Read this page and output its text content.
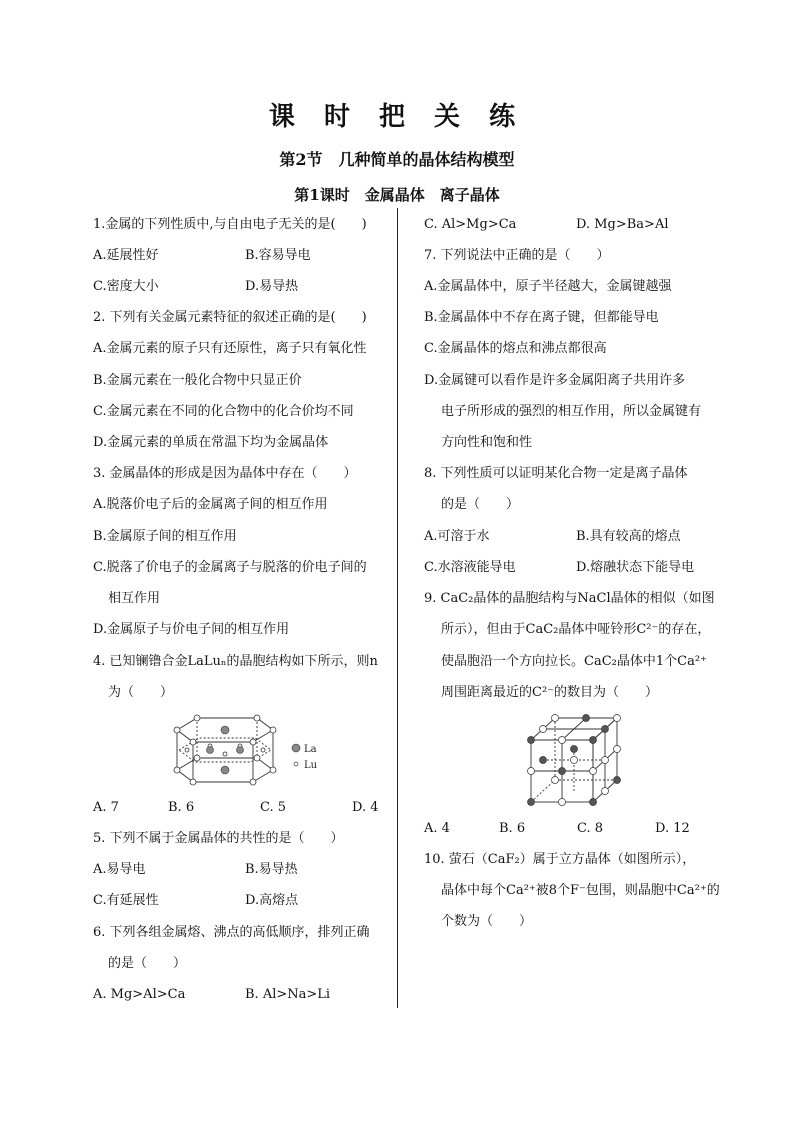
课 时 把 关 练
第2节　几种简单的晶体结构模型
第1课时　金属晶体　离子晶体
1.金属的下列性质中,与自由电子无关的是(　　)
A.延展性好	B.容易导电
C.密度大小	D.易导热
2. 下列有关金属元素特征的叙述正确的是(　　)
A.金属元素的原子只有还原性，离子只有氧化性
B.金属元素在一般化合物中只显正价
C.金属元素在不同的化合物中的化合价均不同
D.金属元素的单质在常温下均为金属晶体
3. 金属晶体的形成是因为晶体中存在（　　）
A.脱落价电子后的金属离子间的相互作用
B.金属原子间的相互作用
C.脱落了价电子的金属离子与脱落的价电子间的
相互作用
D.金属原子与价电子间的相互作用
4. 已知镧镥合金LaLuₙ的晶胞结构如下所示，则n
为（　　）
La
Lu
A. 7	B. 6	C. 5	D. 4
5. 下列不属于金属晶体的共性的是（　　）
A.易导电	B.易导热
C.有延展性	D.高熔点
6. 下列各组金属熔、沸点的高低顺序，排列正确
的是（　　）
A. Mg>Al>Ca	B. Al>Na>Li
C. Al>Mg>Ca	D. Mg>Ba>Al
7. 下列说法中正确的是（　　）
A.金属晶体中，原子半径越大，金属键越强
B.金属晶体中不存在离子键，但都能导电
C.金属晶体的熔点和沸点都很高
D.金属键可以看作是许多金属阳离子共用许多
电子所形成的强烈的相互作用，所以金属键有
方向性和饱和性
8. 下列性质可以证明某化合物一定是离子晶体
的是（　　）
A.可溶于水	B.具有较高的熔点
C.水溶液能导电	D.熔融状态下能导电
9. CaC₂晶体的晶胞结构与NaCl晶体的相似（如图
所示），但由于CaC₂晶体中哑铃形C²⁻的存在，
使晶胞沿一个方向拉长。CaC₂晶体中1个Ca²⁺
周围距离最近的C²⁻的数目为（　　）
A. 4	B. 6	C. 8	D. 12
10. 萤石（CaF₂）属于立方晶体（如图所示），
晶体中每个Ca²⁺被8个F⁻包围，则晶胞中Ca²⁺的
个数为（　　）
